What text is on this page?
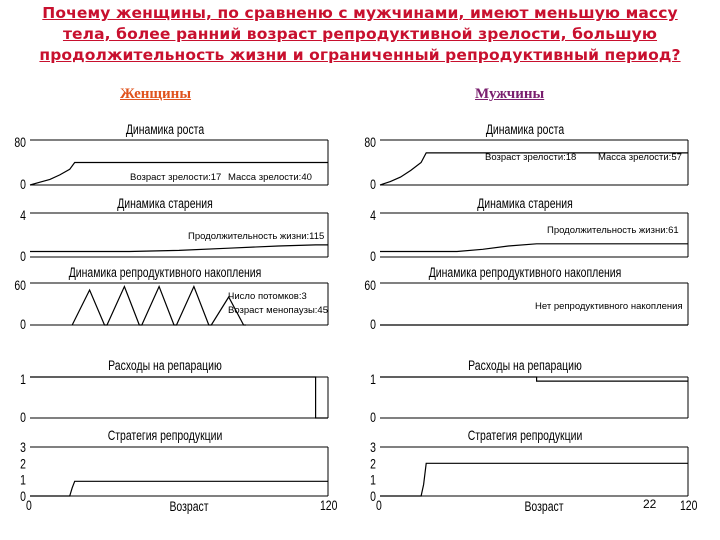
Почему женщины, по сравненю с мужчинами, имеют меньшую массу
тела, более ранний возраст репродуктивной зрелости, большую
продолжительность жизни и ограниченный репродуктивный период?
Женщины	Мужчины
Динамика роста
80
0	Возраст зрелости:17 Масса зрелости:40
Динамика старения
4
0
Продолжительность жизни:115
Динамика репродуктивного накопления
60
0
Число потомков:3
Возраст менопаузы:45
Расходы на репарацию
1
0
Стратегия репродукции
3
2
1
0
0	120
Возраст
Динамика роста
80
0
Возраст зрелости:18 Масса зрелости:57
Динамика старения
4
0
Продолжительность жизни:61
Динамика репродуктивного накопления
60
0
Нет репродуктивного накопления
Расходы на репарацию
1
0
Стратегия репродукции
3
2
1
0
0	120
Возраст	22
